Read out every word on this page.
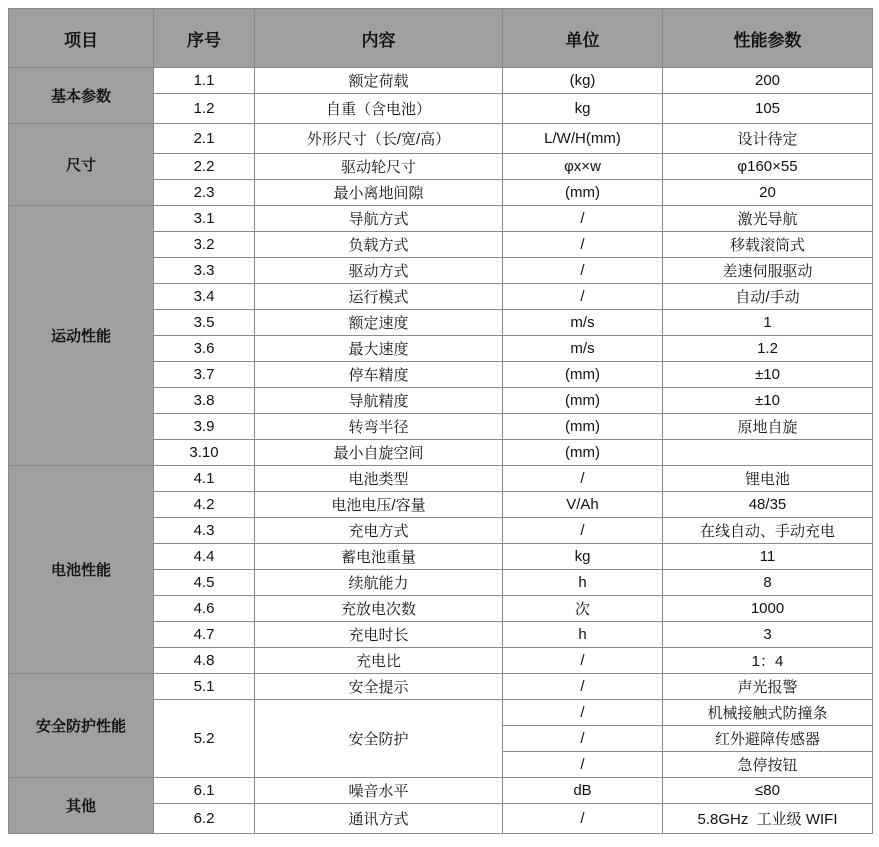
项目	序号	内容	单位	性能参数
基本参数	1.1	额定荷载	(kg)	200
	1.2	自重（含电池）	kg	105
尺寸	2.1	外形尺寸（长/宽/高）	L/W/H(mm)	设计待定
	2.2	驱动轮尺寸	φx×w	φ160×55
	2.3	最小离地间隙	(mm)	20
运动性能	3.1	导航方式	/	激光导航
	3.2	负载方式	/	移载滚筒式
	3.3	驱动方式	/	差速伺服驱动
	3.4	运行模式	/	自动/手动
	3.5	额定速度	m/s	1
	3.6	最大速度	m/s	1.2
	3.7	停车精度	(mm)	±10
	3.8	导航精度	(mm)	±10
	3.9	转弯半径	(mm)	原地自旋
	3.10	最小自旋空间	(mm)	
电池性能	4.1	电池类型	/	锂电池
	4.2	电池电压/容量	V/Ah	48/35
	4.3	充电方式	/	在线自动、手动充电
	4.4	蓄电池重量	kg	11
	4.5	续航能力	h	8
	4.6	充放电次数	次	1000
	4.7	充电时长	h	3
	4.8	充电比	/	1：4
安全防护性能	5.1	安全提示	/	声光报警
	5.2	安全防护	/	机械接触式防撞条
			/	红外避障传感器
			/	急停按钮
其他	6.1	噪音水平	dB	≤80
	6.2	通讯方式	/	5.8GHz  工业级 WIFI
